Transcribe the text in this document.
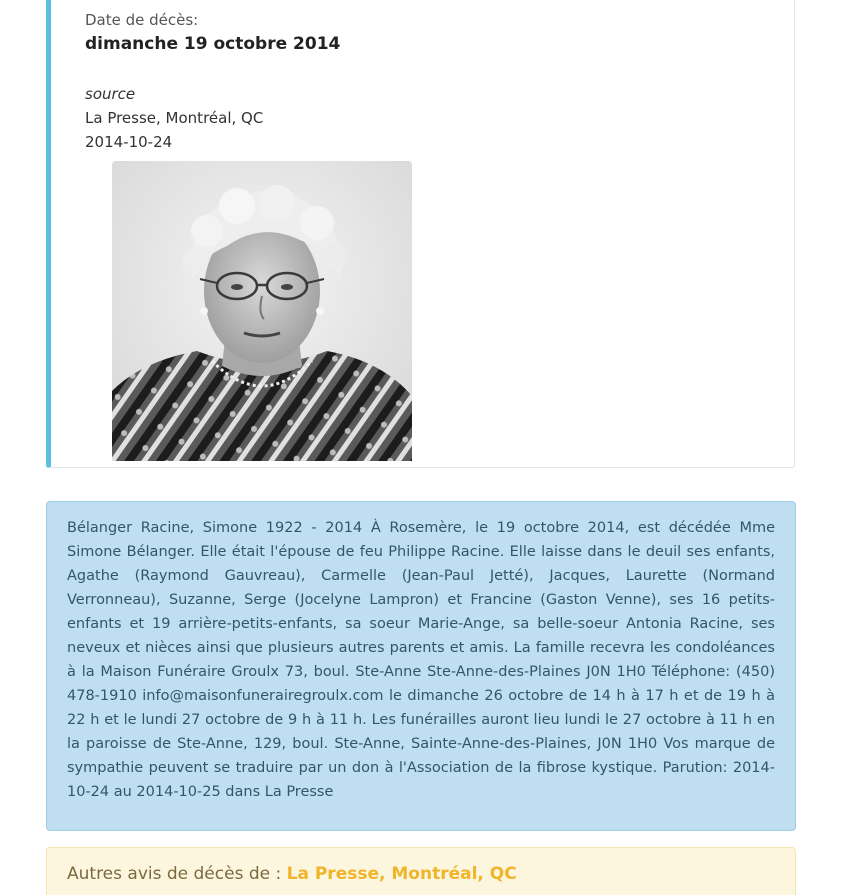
Date de décès:
dimanche 19 octobre 2014
source
La Presse, Montréal, QC
2014-10-24

Bélanger Racine, Simone 1922 - 2014 À Rosemère, le 19 octobre 2014, est décédée Mme Simone Bélanger. Elle était l'épouse de feu Philippe Racine. Elle laisse dans le deuil ses enfants, Agathe (Raymond Gauvreau), Carmelle (Jean-Paul Jetté), Jacques, Laurette (Normand Verronneau), Suzanne, Serge (Jocelyne Lampron) et Francine (Gaston Venne), ses 16 petits-enfants et 19 arrière-petits-enfants, sa soeur Marie-Ange, sa belle-soeur Antonia Racine, ses neveux et nièces ainsi que plusieurs autres parents et amis. La famille recevra les condoléances à la Maison Funéraire Groulx 73, boul. Ste-Anne Ste-Anne-des-Plaines J0N 1H0 Téléphone: (450) 478-1910 info@maisonfunerairegroulx.com le dimanche 26 octobre de 14 h à 17 h et de 19 h à 22 h et le lundi 27 octobre de 9 h à 11 h. Les funérailles auront lieu lundi le 27 octobre à 11 h en la paroisse de Ste-Anne, 129, boul. Ste-Anne, Sainte-Anne-des-Plaines, J0N 1H0 Vos marque de sympathie peuvent se traduire par un don à l'Association de la fibrose kystique. Parution: 2014-10-24 au 2014-10-25 dans La Presse

Autres avis de décès de : La Presse, Montréal, QC
